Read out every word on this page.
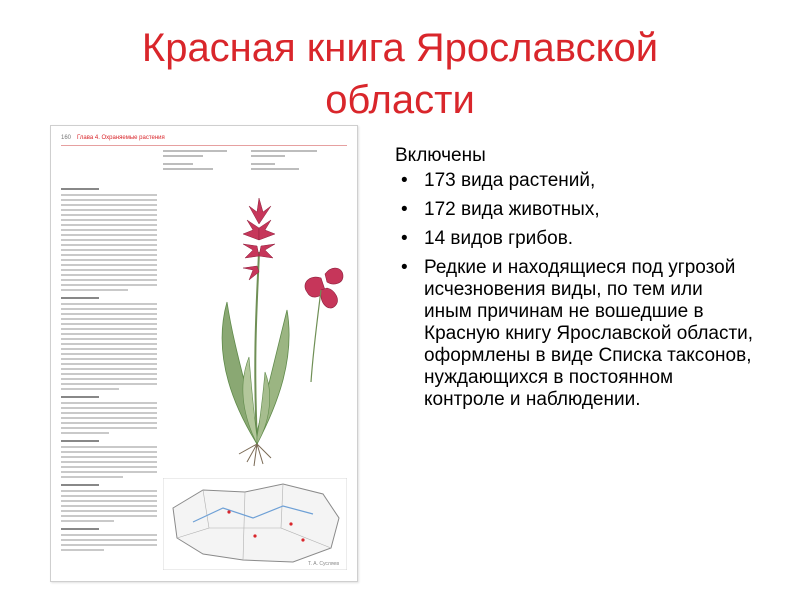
Красная книга Ярославской области
160 Глава 4. Охраняемые растения
Т. А. Сусляев

Включены

• 173 вида растений,
• 172 вида животных,
• 14 видов грибов.
• Редкие и находящиеся под угрозой исчезновения виды, по тем или иным причинам не вошедшие в Красную книгу Ярославской области, оформлены в виде Списка таксонов, нуждающихся в постоянном контроле и наблюдении.
